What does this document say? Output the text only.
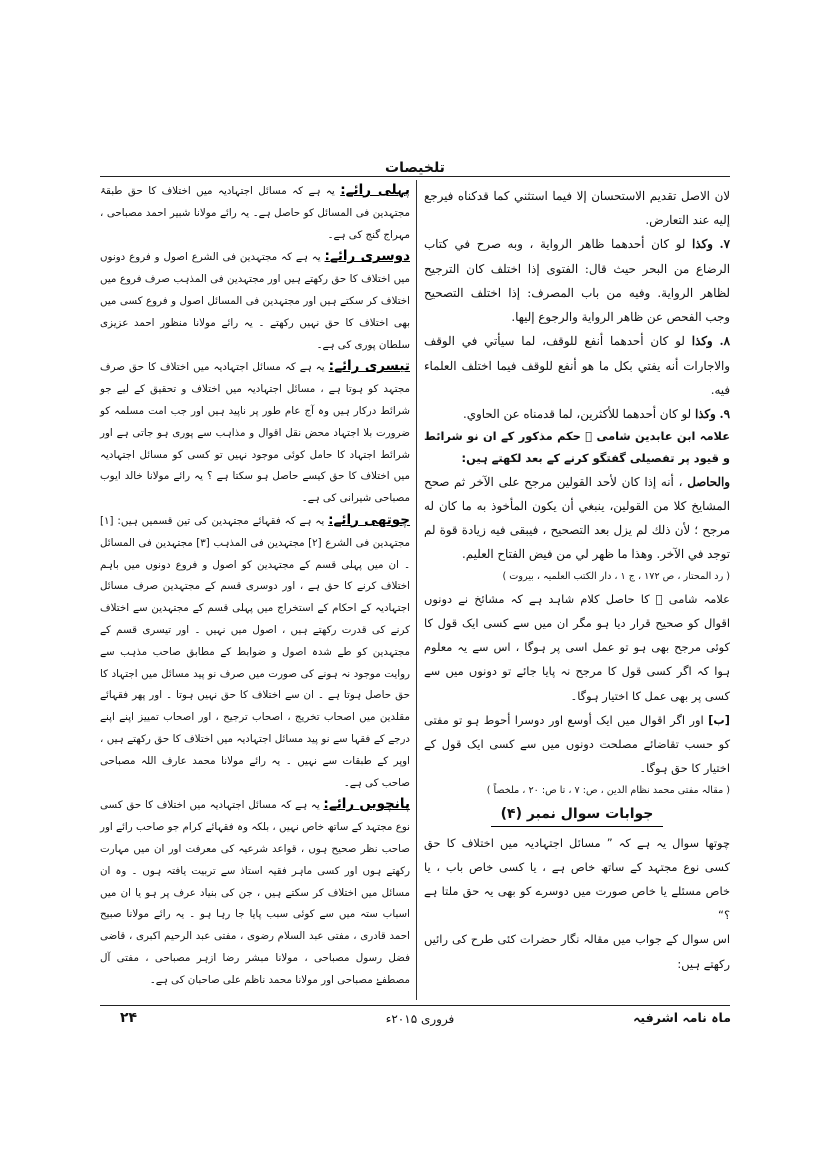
تلخیصات

لان الاصل تقديم الاستحسان إلا فيما استثني كما قدكناه فيرجع إليه عند التعارض.

٧. وكذا لو كان أحدهما ظاهر الرواية ، وبه صرح في كتاب الرضاع من البحر حيث قال: الفتوى إذا اختلف كان الترجيح لظاهر الرواية. وفيه من باب المصرف: إذا اختلف التصحيح وجب الفحص عن ظاهر الرواية والرجوع إليها.

٨. وكذا لو كان أحدهما أنفع للوقف، لما سيأتي في الوقف والاجارات أنه يفتي بكل ما هو أنفع للوقف فيما اختلف العلماء فيه.

٩. وكذا لو كان أحدهما للأكثرين، لما قدمناه عن الحاوي.

علامہ ابن عابدین شامی ﷫ حکم مذکور کے ان نو شرائط و قیود پر تفصیلی گفتگو کرنے کے بعد لکھتے ہیں:

والحاصل ، أنه إذا كان لأحد القولين مرجح على الآخر ثم صحح المشايخ كلا من القولين، ينبغي أن يكون المأخوذ به ما كان له مرجح ؛ لأن ذلك لم يزل بعد التصحيح ، فيبقى فيه زيادة قوة لم توجد في الآخر. وهذا ما ظهر لي من فيض الفتاح العليم.

( رد المحتار ، ص ۱۷۲ ، ج ۱ ، دار الکتب العلمیہ ، بیروت )

علامہ شامی ﷫ کا حاصل کلام شاہد ہے کہ مشائخ نے دونوں اقوال کو صحیح قرار دیا ہو مگر ان میں سے کسی ایک قول کا کوئی مرجح بھی ہو تو عمل اسی پر ہوگا ، اس سے یہ معلوم ہوا کہ اگر کسی قول کا مرجح نہ پایا جائے تو دونوں میں سے کسی پر بھی عمل کا اختیار ہوگا۔

[ب] اور اگر اقوال میں ایک أوسع اور دوسرا أحوط ہو تو مفتی کو حسب تقاضائے مصلحت دونوں میں سے کسی ایک قول کے اختیار کا حق ہوگا۔

( مقالہ مفتی محمد نظام الدین ، ص: ۷ ، تا ص: ۲۰ ، ملخصاً )

جوابات سوال نمبر (۴)

چوتھا سوال یہ ہے کہ ” مسائل اجتہادیہ میں اختلاف کا حق کسی نوع مجتہد کے ساتھ خاص ہے ، یا کسی خاص باب ، یا خاص مسئلے یا خاص صورت میں دوسرے کو بھی یہ حق ملتا ہے ؟“

اس سوال کے جواب میں مقالہ نگار حضرات کئی طرح کی رائیں رکھتے ہیں:

پہلی رائے: یہ ہے کہ مسائل اجتہادیہ میں اختلاف کا حق طبقۂ مجتہدین فی المسائل کو حاصل ہے۔ یہ رائے مولانا شبیر احمد مصباحی ، مہراج گنج کی ہے۔

دوسری رائے: یہ ہے کہ مجتہدین فی الشرع اصول و فروع دونوں میں اختلاف کا حق رکھتے ہیں اور مجتہدین فی المذہب صرف فروع میں اختلاف کر سکتے ہیں اور مجتہدین فی المسائل اصول و فروع کسی میں بھی اختلاف کا حق نہیں رکھتے ۔ یہ رائے مولانا منظور احمد عزیزی سلطان پوری کی ہے۔

تیسری رائے: یہ ہے کہ مسائل اجتہادیہ میں اختلاف کا حق صرف مجتہد کو ہوتا ہے ، مسائل اجتہادیہ میں اختلاف و تحقیق کے لیے جو شرائط درکار ہیں وہ آج عام طور پر ناپید ہیں اور جب امت مسلمہ کو ضرورت بلا اجتہاد محض نقل اقوال و مذاہب سے پوری ہو جاتی ہے اور شرائط اجتہاد کا حامل کوئی موجود نہیں تو کسی کو مسائل اجتہادیہ میں اختلاف کا حق کیسے حاصل ہو سکتا ہے ؟ یہ رائے مولانا خالد ایوب مصباحی شیرانی کی ہے۔

چوتھی رائے: یہ ہے کہ فقہائے مجتہدین کی تین قسمیں ہیں: [۱] مجتہدین فی الشرع [۲] مجتہدین فی المذہب [۳] مجتہدین فی المسائل ۔ ان میں پہلی قسم کے مجتہدین کو اصول و فروع دونوں میں باہم اختلاف کرنے کا حق ہے ، اور دوسری قسم کے مجتہدین صرف مسائل اجتہادیہ کے احکام کے استخراج میں پہلی قسم کے مجتہدین سے اختلاف کرنے کی قدرت رکھتے ہیں ، اصول میں نہیں ۔ اور تیسری قسم کے مجتہدین کو طے شدہ اصول و ضوابط کے مطابق صاحب مذہب سے روایت موجود نہ ہونے کی صورت میں صرف نو پید مسائل میں اجتہاد کا حق حاصل ہوتا ہے ۔ ان سے اختلاف کا حق نہیں ہوتا ۔ اور پھر فقہائے مقلدین میں اصحاب تخریج ، اصحاب ترجیح ، اور اصحاب تمییز اپنے اپنے درجے کے فقہا سے نو پید مسائل اجتہادیہ میں اختلاف کا حق رکھتے ہیں ، اوپر کے طبقات سے نہیں ۔ یہ رائے مولانا محمد عارف اللہ مصباحی صاحب کی ہے۔

پانچویں رائے: یہ ہے کہ مسائل اجتہادیہ میں اختلاف کا حق کسی نوع مجتہد کے ساتھ خاص نہیں ، بلکہ وہ فقہائے کرام جو صاحب رائے اور صاحب نظر صحیح ہوں ، قواعد شرعیہ کی معرفت اور ان میں مہارت رکھتے ہوں اور کسی ماہر فقیہ استاذ سے تربیت یافتہ ہوں ۔ وہ ان مسائل میں اختلاف کر سکتے ہیں ، جن کی بنیاد عرف پر ہو یا ان میں اسباب ستہ میں سے کوئی سبب پایا جا رہا ہو ۔ یہ رائے مولانا صبیح احمد قادری ، مفتی عبد السلام رضوی ، مفتی عبد الرحیم اکبری ، قاضی فضل رسول مصباحی ، مولانا مبشر رضا ازہر مصباحی ، مفتی آل مصطفےٰ مصباحی اور مولانا محمد ناظم علی صاحبان کی ہے۔

۲۴	فروری ۲۰۱۵ء	ماہ نامہ اشرفیہ
